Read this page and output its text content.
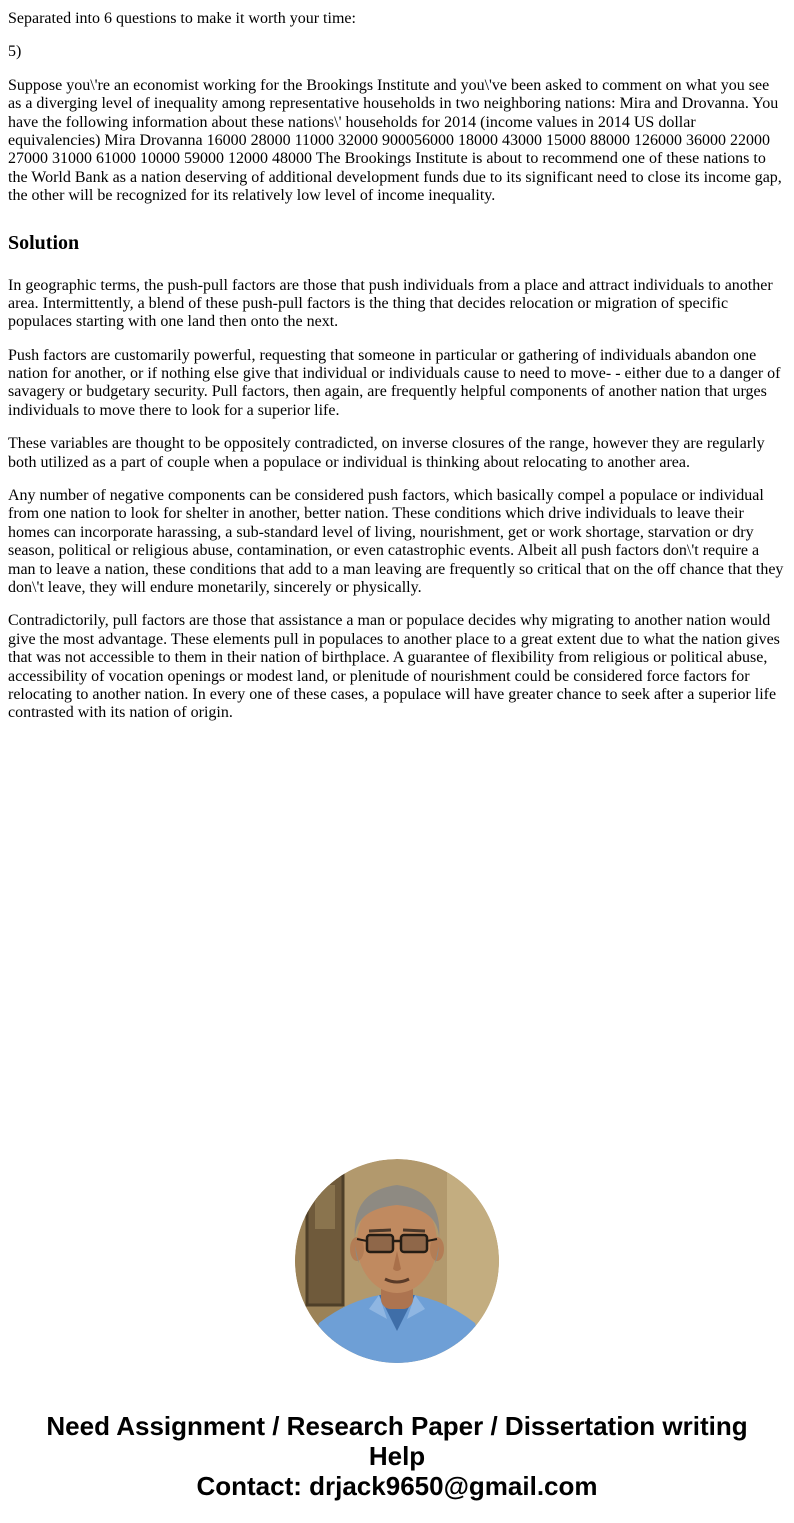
Separated into 6 questions to make it worth your time:

5)

Suppose you\'re an economist working for the Brookings Institute and you\'ve been asked to comment on what you see as a diverging level of inequality among representative households in two neighboring nations: Mira and Drovanna. You have the following information about these nations\' households for 2014 (income values in 2014 US dollar equivalencies) Mira Drovanna 16000 28000 11000 32000 900056000 18000 43000 15000 88000 126000 36000 22000 27000 31000 61000 10000 59000 12000 48000 The Brookings Institute is about to recommend one of these nations to the World Bank as a nation deserving of additional development funds due to its significant need to close its income gap, the other will be recognized for its relatively low level of income inequality.

Solution

In geographic terms, the push-pull factors are those that push individuals from a place and attract individuals to another area. Intermittently, a blend of these push-pull factors is the thing that decides relocation or migration of specific populaces starting with one land then onto the next.

Push factors are customarily powerful, requesting that someone in particular or gathering of individuals abandon one nation for another, or if nothing else give that individual or individuals cause to need to move- - either due to a danger of savagery or budgetary security. Pull factors, then again, are frequently helpful components of another nation that urges individuals to move there to look for a superior life.

These variables are thought to be oppositely contradicted, on inverse closures of the range, however they are regularly both utilized as a part of couple when a populace or individual is thinking about relocating to another area.

Any number of negative components can be considered push factors, which basically compel a populace or individual from one nation to look for shelter in another, better nation. These conditions which drive individuals to leave their homes can incorporate harassing, a sub-standard level of living, nourishment, get or work shortage, starvation or dry season, political or religious abuse, contamination, or even catastrophic events. Albeit all push factors don\'t require a man to leave a nation, these conditions that add to a man leaving are frequently so critical that on the off chance that they don\'t leave, they will endure monetarily, sincerely or physically.

Contradictorily, pull factors are those that assistance a man or populace decides why migrating to another nation would give the most advantage. These elements pull in populaces to another place to a great extent due to what the nation gives that was not accessible to them in their nation of birthplace. A guarantee of flexibility from religious or political abuse, accessibility of vocation openings or modest land, or plenitude of nourishment could be considered force factors for relocating to another nation. In every one of these cases, a populace will have greater chance to seek after a superior life contrasted with its nation of origin.

Need Assignment / Research Paper / Dissertation writing Help
Contact: drjack9650@gmail.com
